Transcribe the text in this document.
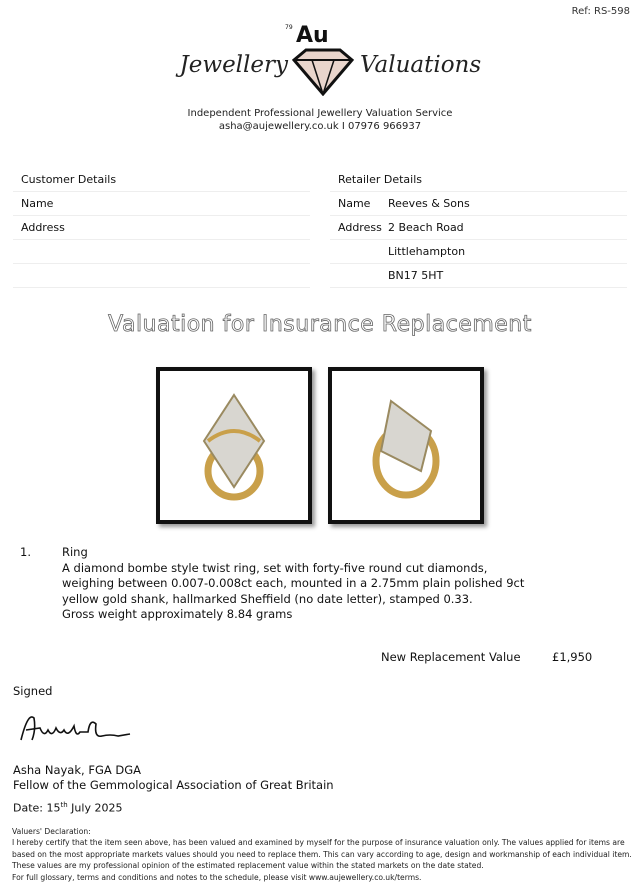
Ref: RS-598
Jewellery	Valuations
79 Au
Independent Professional Jewellery Valuation Service
asha@aujewellery.co.uk I 07976 966937
Customer Details
Name
Address
Retailer Details
Name	Reeves & Sons
Address 2 Beach Road
Littlehampton
BN17 5HT
Valuation for Insurance Replacement
1.	Ring
A diamond bombe style twist ring, set with forty-five round cut diamonds, weighing between 0.007-0.008ct each, mounted in a 2.75mm plain polished 9ct yellow gold shank, hallmarked Sheffield (no date letter), stamped 0.33.
Gross weight approximately 8.84 grams
New Replacement Value	£1,950
Signed
Asha Nayak, FGA DGA
Fellow of the Gemmological Association of Great Britain
Date: 15th July 2025
Valuers' Declaration:
I hereby certify that the item seen above, has been valued and examined by myself for the purpose of insurance valuation only. The values applied for items are based on the most appropriate markets values should you need to replace them. This can vary according to age, design and workmanship of each individual item. These values are my professional opinion of the estimated replacement value within the stated markets on the date stated.
For full glossary, terms and conditions and notes to the schedule, please visit www.aujewellery.co.uk/terms.
